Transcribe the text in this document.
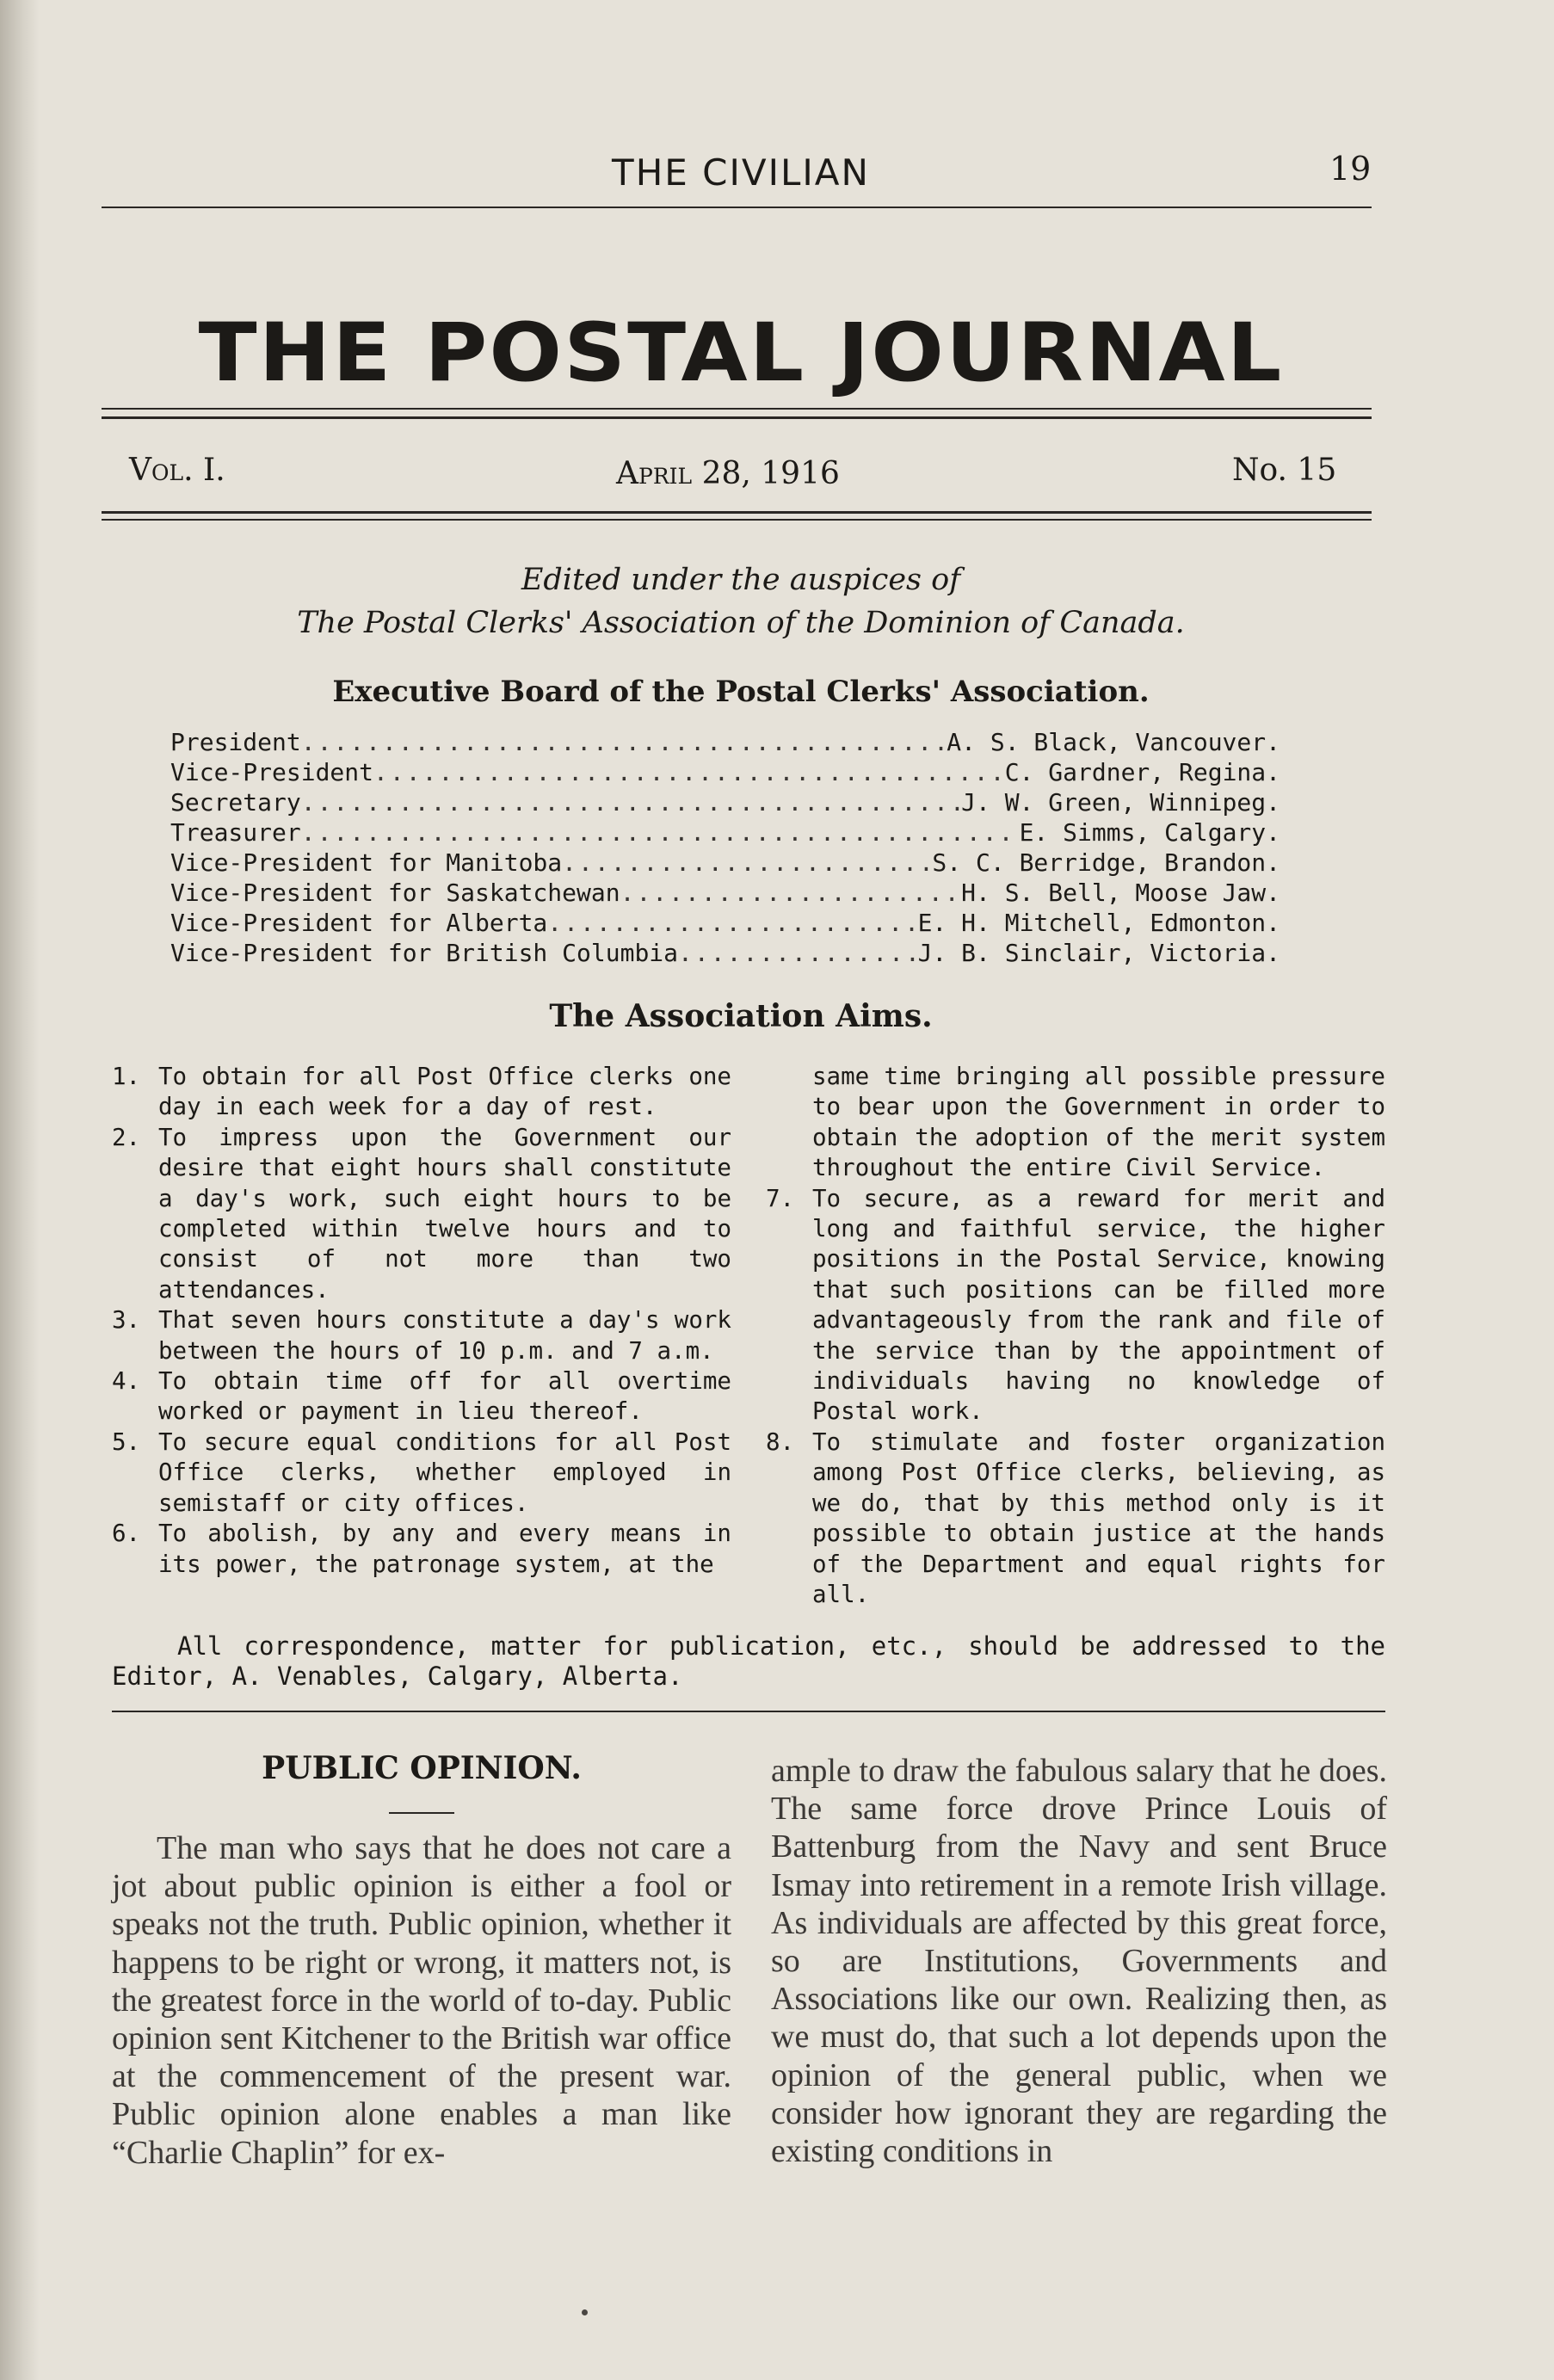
THE CIVILIAN	19
THE POSTAL JOURNAL
Vol. I.	April 28, 1916	No. 15
Edited under the auspices of
The Postal Clerks' Association of the Dominion of Canada.
Executive Board of the Postal Clerks' Association.
President .....	A. S. Black, Vancouver.
Vice-President .....	C. Gardner, Regina.
Secretary .....	J. W. Green, Winnipeg.
Treasurer .....	E. Simms, Calgary.
Vice-President for Manitoba .....	S. C. Berridge, Brandon.
Vice-President for Saskatchewan .....	H. S. Bell, Moose Jaw.
Vice-President for Alberta .....	E. H. Mitchell, Edmonton.
Vice-President for British Columbia .....	J. B. Sinclair, Victoria.
The Association Aims.
1. To obtain for all Post Office clerks one day in each week for a day of rest.
2. To impress upon the Government our desire that eight hours shall constitute a day's work, such eight hours to be completed within twelve hours and to consist of not more than two attendances.
3. That seven hours constitute a day's work between the hours of 10 p.m. and 7 a.m.
4. To obtain time off for all overtime worked or payment in lieu thereof.
5. To secure equal conditions for all Post Office clerks, whether employed in semistaff or city offices.
6. To abolish, by any and every means in its power, the patronage system, at the
same time bringing all possible pressure to bear upon the Government in order to obtain the adoption of the merit system throughout the entire Civil Service.
7. To secure, as a reward for merit and long and faithful service, the higher positions in the Postal Service, knowing that such positions can be filled more advantageously from the rank and file of the service than by the appointment of individuals having no knowledge of Postal work.
8. To stimulate and foster organization among Post Office clerks, believing, as we do, that by this method only is it possible to obtain justice at the hands of the Department and equal rights for all.
All correspondence, matter for publication, etc., should be addressed to the Editor, A. Venables, Calgary, Alberta.
PUBLIC OPINION.
The man who says that he does not care a jot about public opinion is either a fool or speaks not the truth. Public opinion, whether it happens to be right or wrong, it matters not, is the greatest force in the world of to-day. Public opinion sent Kitchener to the British war office at the commencement of the present war. Public opinion alone enables a man like “Charlie Chaplin” for ex-
ample to draw the fabulous salary that he does. The same force drove Prince Louis of Battenburg from the Navy and sent Bruce Ismay into retirement in a remote Irish village. As individuals are affected by this great force, so are Institutions, Governments and Associations like our own. Realizing then, as we must do, that such a lot depends upon the opinion of the general public, when we consider how ignorant they are regarding the existing conditions in
